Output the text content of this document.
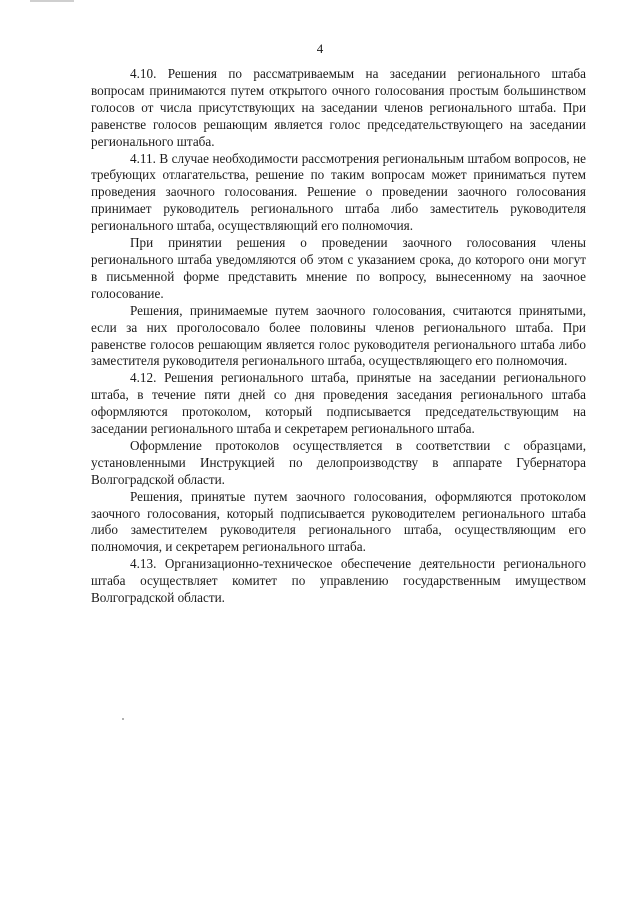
4

4.10. Решения по рассматриваемым на заседании регионального штаба вопросам принимаются путем открытого очного голосования простым большинством голосов от числа присутствующих на заседании членов регионального штаба. При равенстве голосов решающим является голос председательствующего на заседании регионального штаба.

4.11. В случае необходимости рассмотрения региональным штабом вопросов, не требующих отлагательства, решение по таким вопросам может приниматься путем проведения заочного голосования. Решение о проведении заочного голосования принимает руководитель регионального штаба либо заместитель руководителя регионального штаба, осуществляющий его полномочия.

При принятии решения о проведении заочного голосования члены регионального штаба уведомляются об этом с указанием срока, до которого они могут в письменной форме представить мнение по вопросу, вынесенному на заочное голосование.

Решения, принимаемые путем заочного голосования, считаются принятыми, если за них проголосовало более половины членов регионального штаба. При равенстве голосов решающим является голос руководителя регионального штаба либо заместителя руководителя регионального штаба, осуществляющего его полномочия.

4.12. Решения регионального штаба, принятые на заседании регионального штаба, в течение пяти дней со дня проведения заседания регионального штаба оформляются протоколом, который подписывается председательствующим на заседании регионального штаба и секретарем регионального штаба.

Оформление протоколов осуществляется в соответствии с образцами, установленными Инструкцией по делопроизводству в аппарате Губернатора Волгоградской области.

Решения, принятые путем заочного голосования, оформляются протоколом заочного голосования, который подписывается руководителем регионального штаба либо заместителем руководителя регионального штаба, осуществляющим его полномочия, и секретарем регионального штаба.

4.13. Организационно-техническое обеспечение деятельности регионального штаба осуществляет комитет по управлению государственным имуществом Волгоградской области.
